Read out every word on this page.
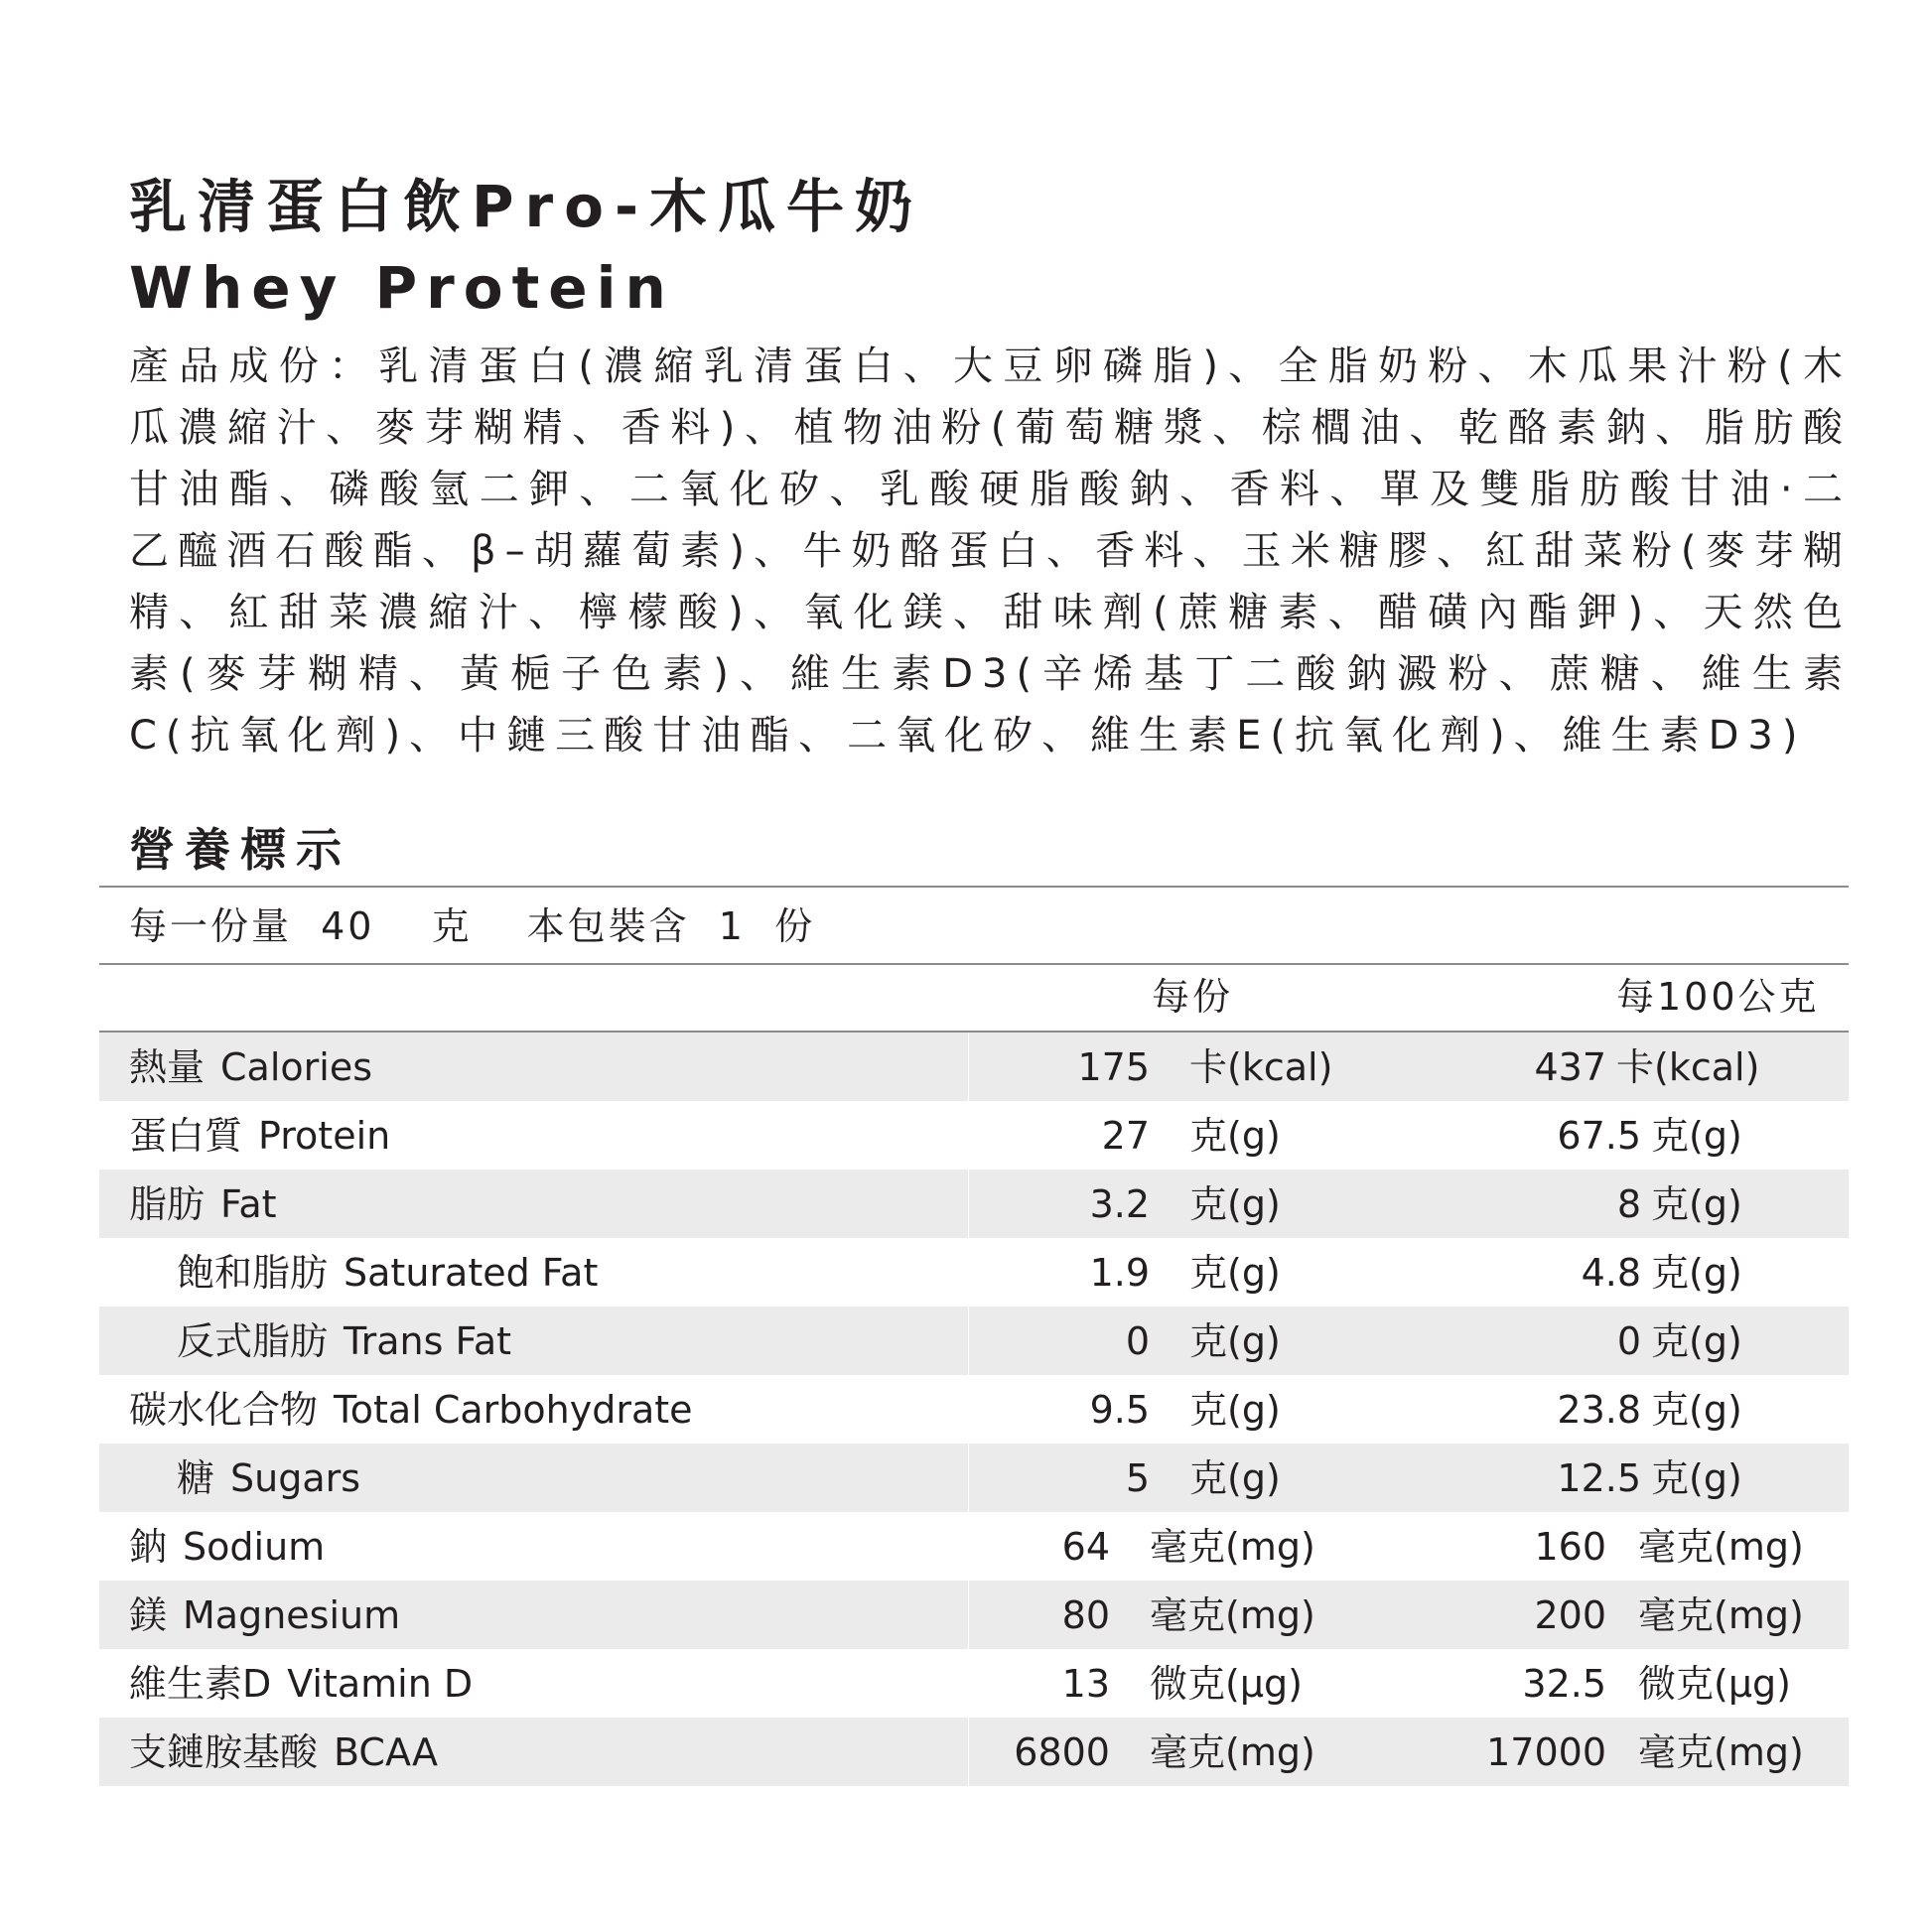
乳清蛋白飲Pro-木瓜牛奶
Whey Protein

產品成份：乳清蛋白(濃縮乳清蛋白、大豆卵磷脂)、全脂奶粉、木瓜果汁粉(木瓜濃縮汁、麥芽糊精、香料)、植物油粉(葡萄糖漿、棕櫚油、乾酪素鈉、脂肪酸甘油酯、磷酸氫二鉀、二氧化矽、乳酸硬脂酸鈉、香料、單及雙脂肪酸甘油·二乙醯酒石酸酯、β–胡蘿蔔素)、牛奶酪蛋白、香料、玉米糖膠、紅甜菜粉(麥芽糊精、紅甜菜濃縮汁、檸檬酸)、氧化鎂、甜味劑(蔗糖素、醋磺內酯鉀)、天然色素(麥芽糊精、黃梔子色素)、維生素D3(辛烯基丁二酸鈉澱粉、蔗糖、維生素C(抗氧化劑)、中鏈三酸甘油酯、二氧化矽、維生素E(抗氧化劑)、維生素D3)

營養標示
每一份量 40 克 本包裝含 1 份
每份	每100公克
熱量 Calories	175 卡(kcal)	437 卡(kcal)
蛋白質 Protein	27 克(g)	67.5 克(g)
脂肪 Fat	3.2 克(g)	8 克(g)
飽和脂肪 Saturated Fat	1.9 克(g)	4.8 克(g)
反式脂肪 Trans Fat	0 克(g)	0 克(g)
碳水化合物 Total Carbohydrate	9.5 克(g)	23.8 克(g)
糖 Sugars	5 克(g)	12.5 克(g)
鈉 Sodium	64 毫克(mg)	160 毫克(mg)
鎂 Magnesium	80 毫克(mg)	200 毫克(mg)
維生素D Vitamin D	13 微克(μg)	32.5 微克(μg)
支鏈胺基酸 BCAA	6800 毫克(mg)	17000 毫克(mg)
